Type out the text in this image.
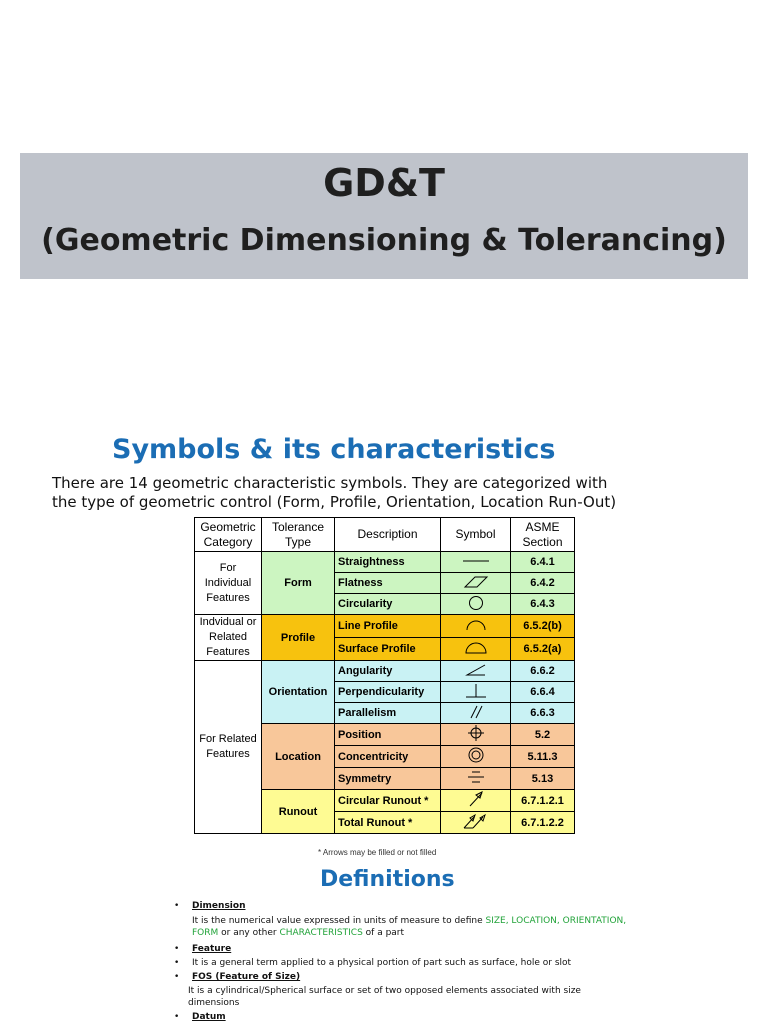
GD&T
(Geometric Dimensioning & Tolerancing)
Symbols & its characteristics
There are 14 geometric characteristic symbols. They are categorized with
the type of geometric control (Form, Profile, Orientation, Location Run-Out)
Geometric Category	Tolerance Type	Description	Symbol	ASME Section
For Individual Features	Form	Straightness		6.4.1
		Flatness		6.4.2
		Circularity		6.4.3
Indvidual or Related Features	Profile	Line Profile		6.5.2(b)
		Surface Profile		6.5.2(a)
For Related Features	Orientation	Angularity		6.6.2
		Perpendicularity		6.6.4
		Parallelism		6.6.3
	Location	Position		5.2
		Concentricity		5.11.3
		Symmetry		5.13
	Runout	Circular Runout *		6.7.1.2.1
		Total Runout *		6.7.1.2.2
* Arrows may be filled or not filled
Definitions
• Dimension
It is the numerical value expressed in units of measure to define SIZE, LOCATION, ORIENTATION, FORM or any other CHARACTERISTICS of a part
• Feature
• It is a general term applied to a physical portion of part such as surface, hole or slot
• FOS (Feature of Size)
It is a cylindrical/Spherical surface or set of two opposed elements associated with size dimensions
• Datum
